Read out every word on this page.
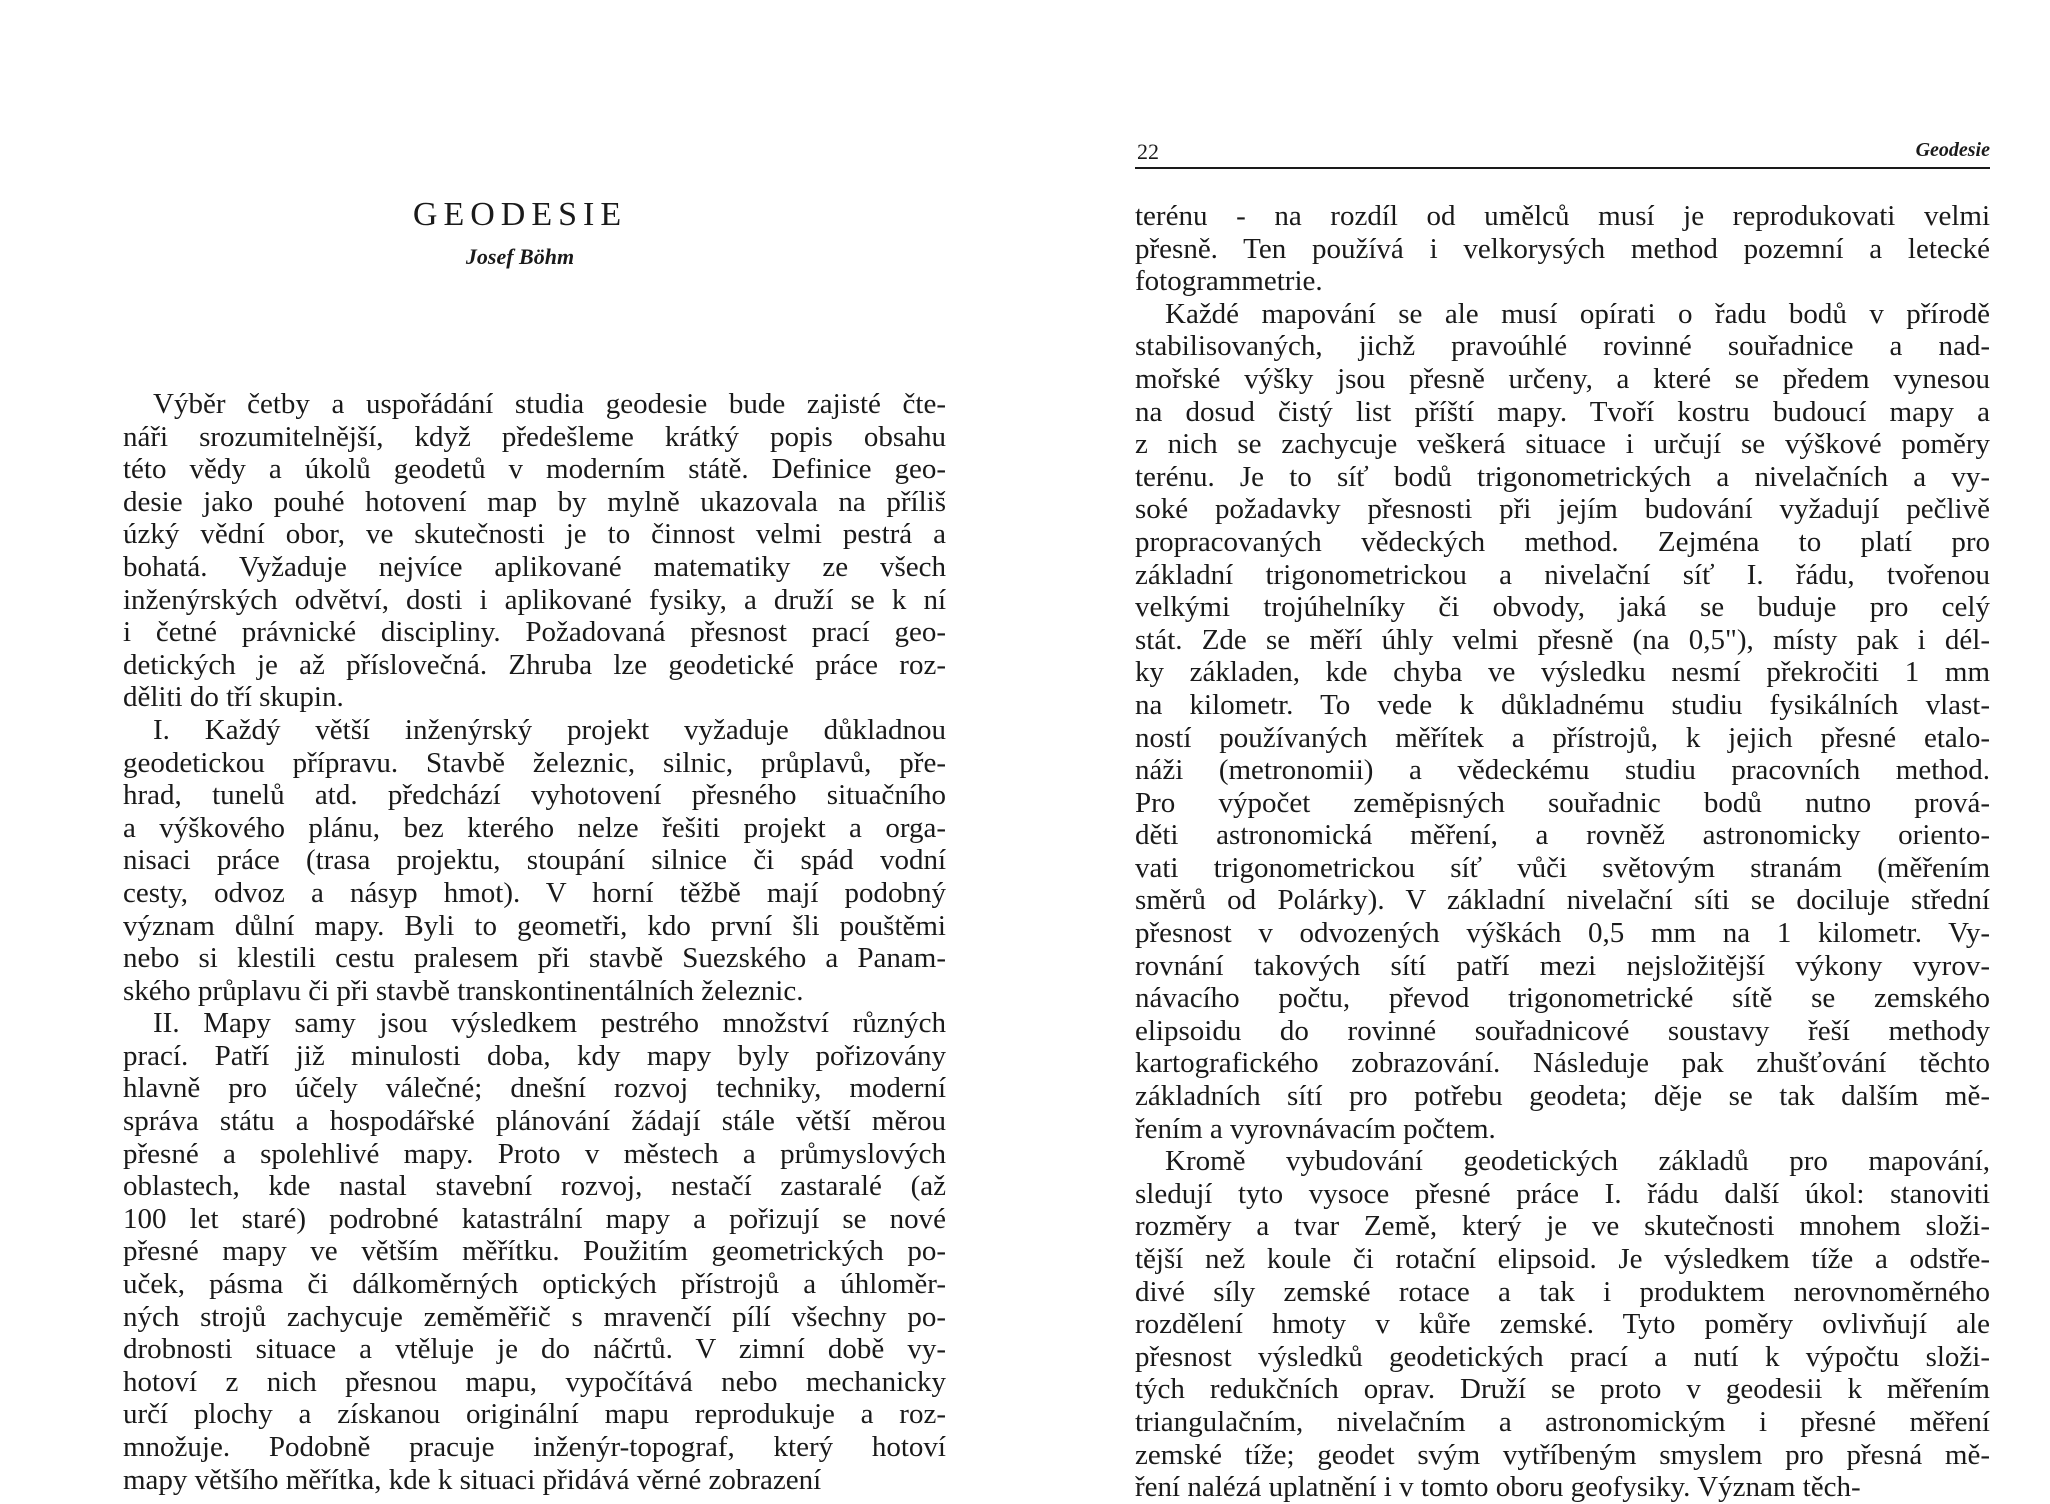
GEODESIE
Josef Böhm
Výběr četby a uspořádání studia geodesie bude zajisté čte-
náři srozumitelnější, když předešleme krátký popis obsahu
této vědy a úkolů geodetů v moderním státě. Definice geo-
desie jako pouhé hotovení map by mylně ukazovala na příliš
úzký vědní obor, ve skutečnosti je to činnost velmi pestrá a
bohatá. Vyžaduje nejvíce aplikované matematiky ze všech
inženýrských odvětví, dosti i aplikované fysiky, a druží se k ní
i četné právnické discipliny. Požadovaná přesnost prací geo-
detických je až příslovečná. Zhruba lze geodetické práce roz-
děliti do tří skupin.
I. Každý větší inženýrský projekt vyžaduje důkladnou
geodetickou přípravu. Stavbě železnic, silnic, průplavů, pře-
hrad, tunelů atd. předchází vyhotovení přesného situačního
a výškového plánu, bez kterého nelze řešiti projekt a orga-
nisaci práce (trasa projektu, stoupání silnice či spád vodní
cesty, odvoz a násyp hmot). V horní těžbě mají podobný
význam důlní mapy. Byli to geometři, kdo první šli pouštěmi
nebo si klestili cestu pralesem při stavbě Suezského a Panam-
ského průplavu či při stavbě transkontinentálních železnic.
II. Mapy samy jsou výsledkem pestrého množství různých
prací. Patří již minulosti doba, kdy mapy byly pořizovány
hlavně pro účely válečné; dnešní rozvoj techniky, moderní
správa státu a hospodářské plánování žádají stále větší měrou
přesné a spolehlivé mapy. Proto v městech a průmyslových
oblastech, kde nastal stavební rozvoj, nestačí zastaralé (až
100 let staré) podrobné katastrální mapy a pořizují se nové
přesné mapy ve větším měřítku. Použitím geometrických po-
uček, pásma či dálkoměrných optických přístrojů a úhloměr-
ných strojů zachycuje zeměměřič s mravenčí pílí všechny po-
drobnosti situace a vtěluje je do náčrtů. V zimní době vy-
hotoví z nich přesnou mapu, vypočítává nebo mechanicky
určí plochy a získanou originální mapu reprodukuje a roz-
množuje. Podobně pracuje inženýr-topograf, který hotoví
mapy většího měřítka, kde k situaci přidává věrné zobrazení
22	Geodesie
terénu - na rozdíl od umělců musí je reprodukovati velmi
přesně. Ten používá i velkorysých method pozemní a letecké
fotogrammetrie.
Každé mapování se ale musí opírati o řadu bodů v přírodě
stabilisovaných, jichž pravoúhlé rovinné souřadnice a nad-
mořské výšky jsou přesně určeny, a které se předem vynesou
na dosud čistý list příští mapy. Tvoří kostru budoucí mapy a
z nich se zachycuje veškerá situace i určují se výškové poměry
terénu. Je to síť bodů trigonometrických a nivelačních a vy-
soké požadavky přesnosti při jejím budování vyžadují pečlivě
propracovaných vědeckých method. Zejména to platí pro
základní trigonometrickou a nivelační síť I. řádu, tvořenou
velkými trojúhelníky či obvody, jaká se buduje pro celý
stát. Zde se měří úhly velmi přesně (na 0,5"), místy pak i dél-
ky základen, kde chyba ve výsledku nesmí překročiti 1 mm
na kilometr. To vede k důkladnému studiu fysikálních vlast-
ností používaných měřítek a přístrojů, k jejich přesné etalo-
náži (metronomii) a vědeckému studiu pracovních method.
Pro výpočet zeměpisných souřadnic bodů nutno prová-
děti astronomická měření, a rovněž astronomicky oriento-
vati trigonometrickou síť vůči světovým stranám (měřením
směrů od Polárky). V základní nivelační síti se dociluje střední
přesnost v odvozených výškách 0,5 mm na 1 kilometr. Vy-
rovnání takových sítí patří mezi nejsložitější výkony vyrov-
návacího počtu, převod trigonometrické sítě se zemského
elipsoidu do rovinné souřadnicové soustavy řeší methody
kartografického zobrazování. Následuje pak zhušťování těchto
základních sítí pro potřebu geodeta; děje se tak dalším mě-
řením a vyrovnávacím počtem.
Kromě vybudování geodetických základů pro mapování,
sledují tyto vysoce přesné práce I. řádu další úkol: stanoviti
rozměry a tvar Země, který je ve skutečnosti mnohem složi-
tější než koule či rotační elipsoid. Je výsledkem tíže a odstře-
divé síly zemské rotace a tak i produktem nerovnoměrného
rozdělení hmoty v kůře zemské. Tyto poměry ovlivňují ale
přesnost výsledků geodetických prací a nutí k výpočtu složi-
tých redukčních oprav. Druží se proto v geodesii k měřením
triangulačním, nivelačním a astronomickým i přesné měření
zemské tíže; geodet svým vytříbeným smyslem pro přesná mě-
ření nalézá uplatnění i v tomto oboru geofysiky. Význam těch-
